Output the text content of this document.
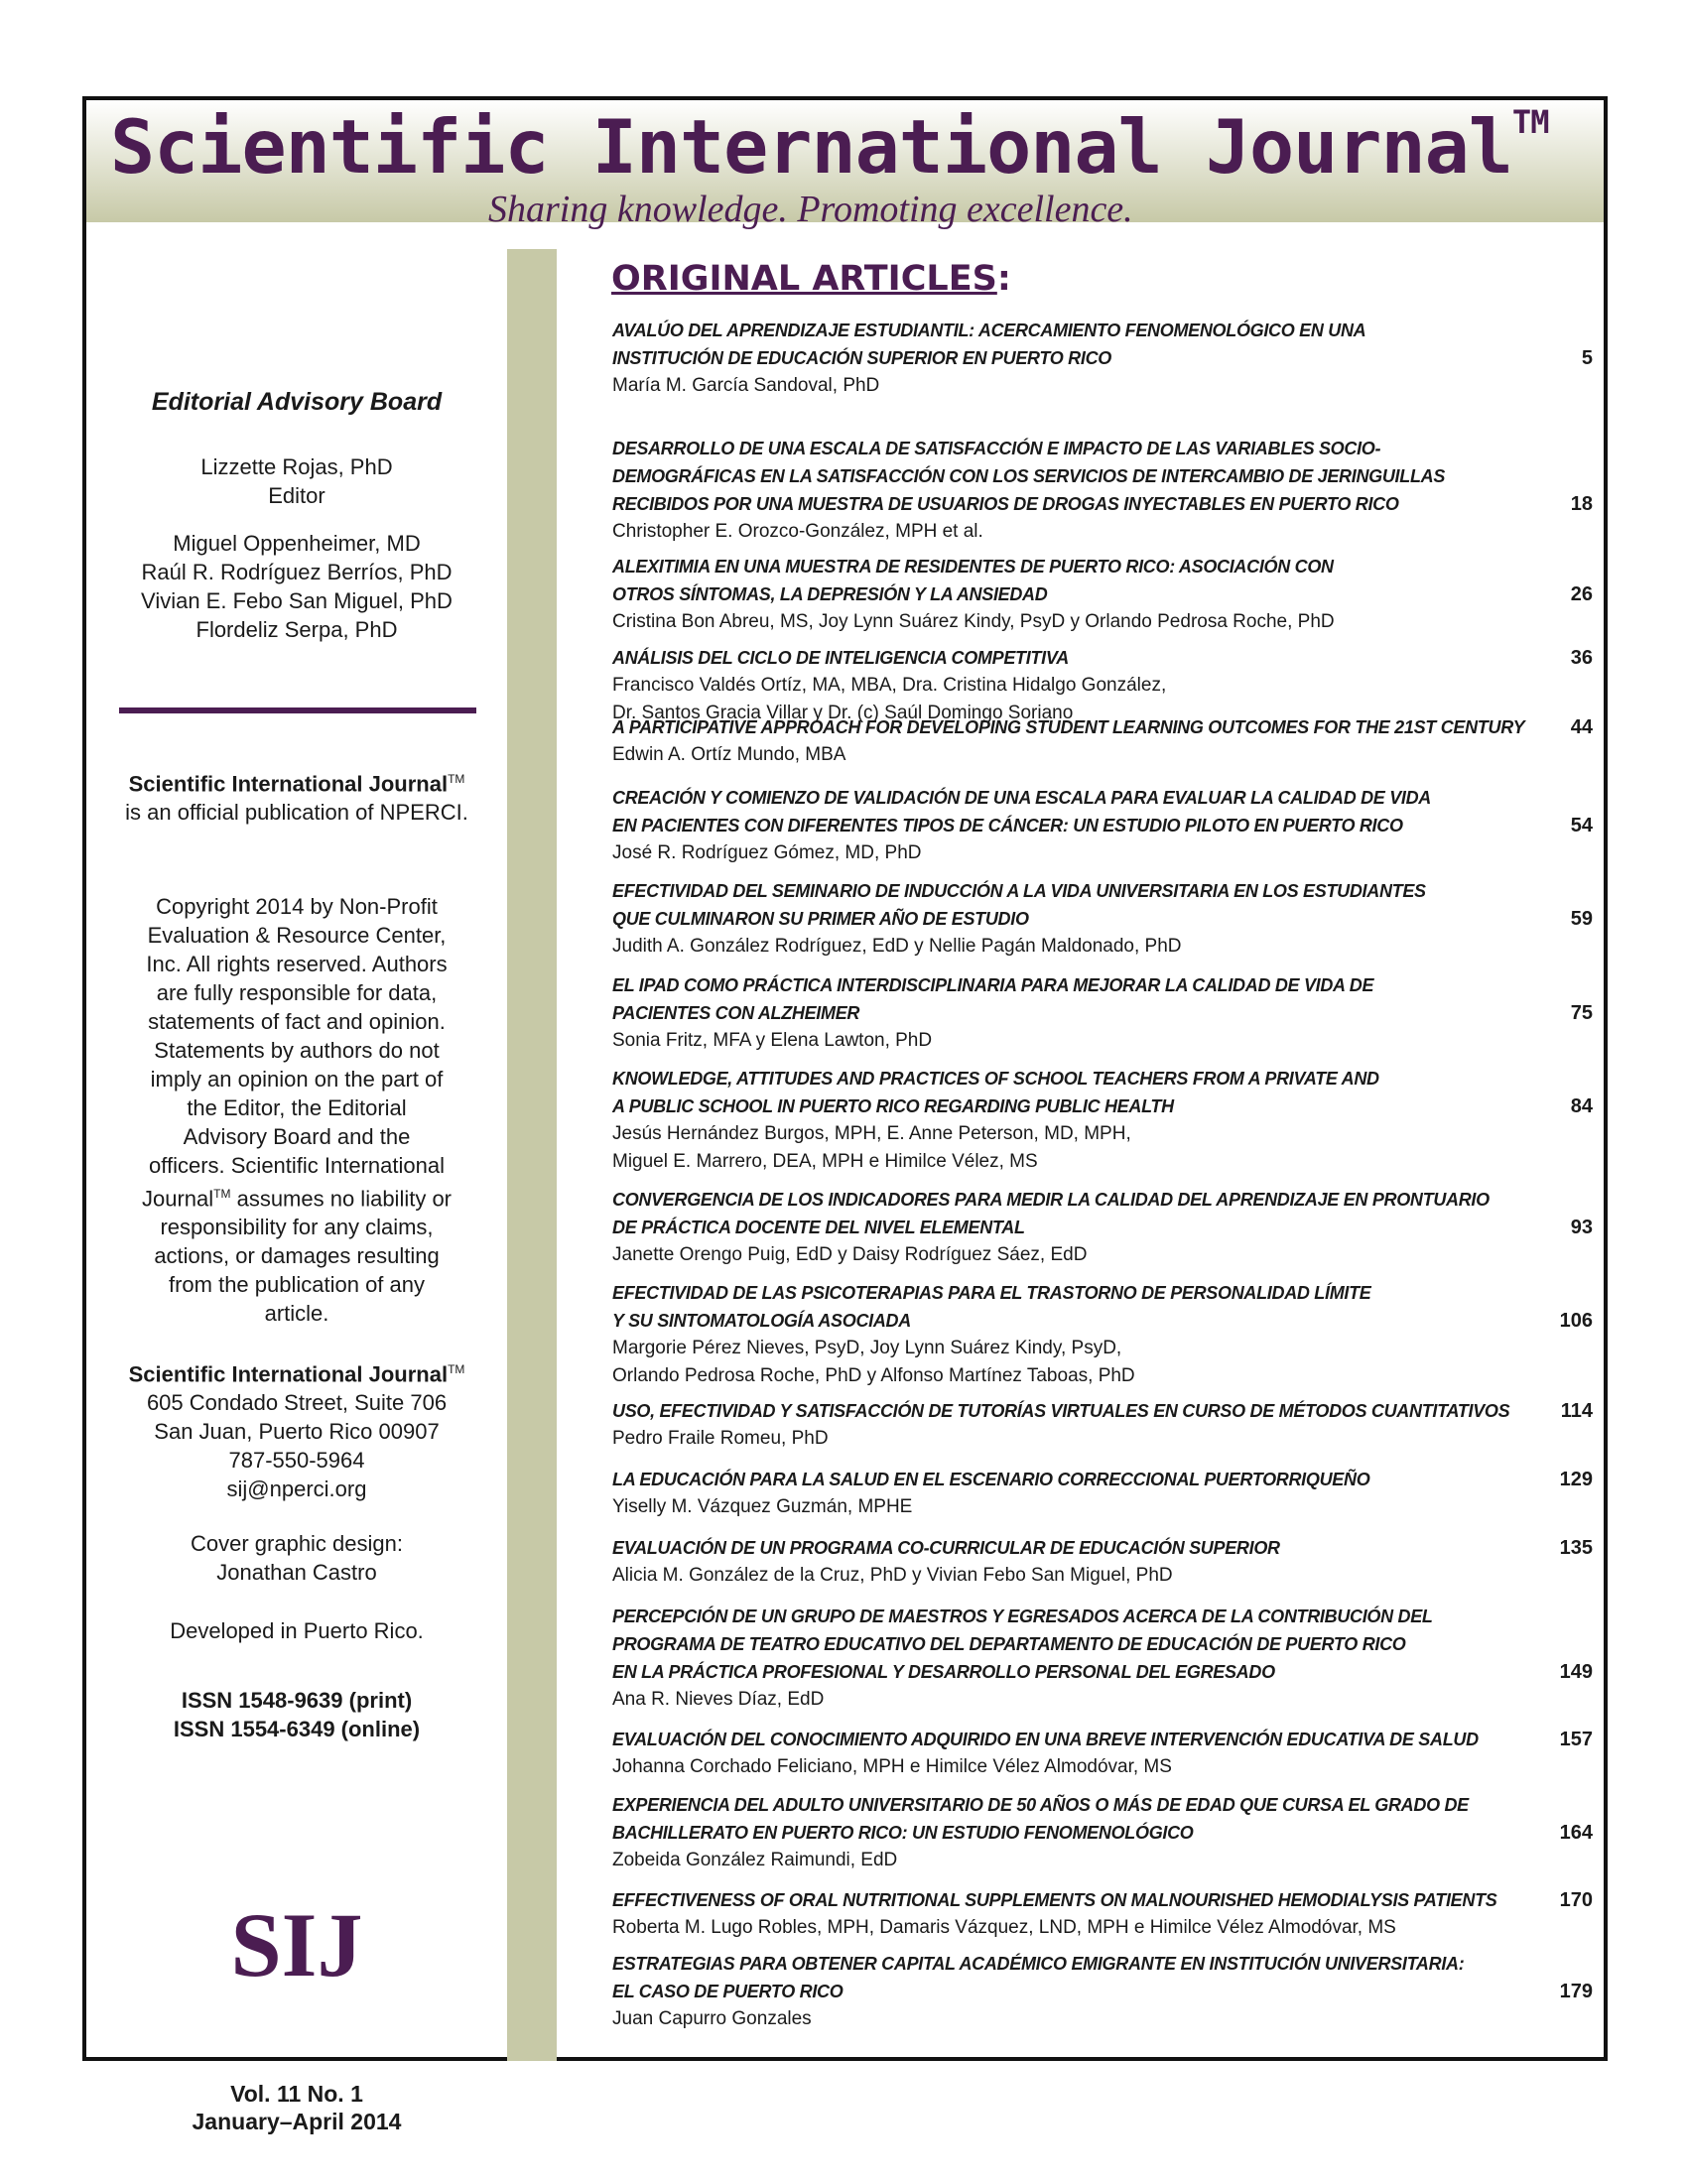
Scientific International Journal™
Sharing knowledge. Promoting excellence.
Editorial Advisory Board
Lizzette Rojas, PhD
Editor
Miguel Oppenheimer, MD
Raúl R. Rodríguez Berríos, PhD
Vivian E. Febo San Miguel, PhD
Flordeliz Serpa, PhD
Scientific International Journal™
is an official publication of NPERCI.
Copyright 2014 by Non-Profit
Evaluation & Resource Center,
Inc. All rights reserved. Authors
are fully responsible for data,
statements of fact and opinion.
Statements by authors do not
imply an opinion on the part of
the Editor, the Editorial
Advisory Board and the
officers. Scientific International
Journal™ assumes no liability or
responsibility for any claims,
actions, or damages resulting
from the publication of any
article.
Scientific International Journal™
605 Condado Street, Suite 706
San Juan, Puerto Rico 00907
787-550-5964
sij@nperci.org
Cover graphic design:
Jonathan Castro
Developed in Puerto Rico.
ISSN 1548-9639 (print)
ISSN 1554-6349 (online)
SIJ
Vol. 11 No. 1
January–April 2014
ORIGINAL ARTICLES:
AVALÚO DEL APRENDIZAJE ESTUDIANTIL: ACERCAMIENTO FENOMENOLÓGICO EN UNA
INSTITUCIÓN DE EDUCACIÓN SUPERIOR EN PUERTO RICO
María M. García Sandoval, PhD
5
DESARROLLO DE UNA ESCALA DE SATISFACCIÓN E IMPACTO DE LAS VARIABLES SOCIO-
DEMOGRÁFICAS EN LA SATISFACCIÓN CON LOS SERVICIOS DE INTERCAMBIO DE JERINGUILLAS
RECIBIDOS POR UNA MUESTRA DE USUARIOS DE DROGAS INYECTABLES EN PUERTO RICO
Christopher E. Orozco-González, MPH et al.
18
ALEXITIMIA EN UNA MUESTRA DE RESIDENTES DE PUERTO RICO: ASOCIACIÓN CON
OTROS SÍNTOMAS, LA DEPRESIÓN Y LA ANSIEDAD
Cristina Bon Abreu, MS, Joy Lynn Suárez Kindy, PsyD y Orlando Pedrosa Roche, PhD
26
ANÁLISIS DEL CICLO DE INTELIGENCIA COMPETITIVA
Francisco Valdés Ortíz, MA, MBA, Dra. Cristina Hidalgo González,
Dr. Santos Gracia Villar y Dr. (c) Saúl Domingo Soriano
36
A PARTICIPATIVE APPROACH FOR DEVELOPING STUDENT LEARNING OUTCOMES FOR THE 21ST CENTURY
Edwin A. Ortíz Mundo, MBA
44
CREACIÓN Y COMIENZO DE VALIDACIÓN DE UNA ESCALA PARA EVALUAR LA CALIDAD DE VIDA
EN PACIENTES CON DIFERENTES TIPOS DE CÁNCER: UN ESTUDIO PILOTO EN PUERTO RICO
José R. Rodríguez Gómez, MD, PhD
54
EFECTIVIDAD DEL SEMINARIO DE INDUCCIÓN A LA VIDA UNIVERSITARIA EN LOS ESTUDIANTES
QUE CULMINARON SU PRIMER AÑO DE ESTUDIO
Judith A. González Rodríguez, EdD y Nellie Pagán Maldonado, PhD
59
EL IPAD COMO PRÁCTICA INTERDISCIPLINARIA PARA MEJORAR LA CALIDAD DE VIDA DE
PACIENTES CON ALZHEIMER
Sonia Fritz, MFA y Elena Lawton, PhD
75
KNOWLEDGE, ATTITUDES AND PRACTICES OF SCHOOL TEACHERS FROM A PRIVATE AND
A PUBLIC SCHOOL IN PUERTO RICO REGARDING PUBLIC HEALTH
Jesús Hernández Burgos, MPH, E. Anne Peterson, MD, MPH,
Miguel E. Marrero, DEA, MPH e Himilce Vélez, MS
84
CONVERGENCIA DE LOS INDICADORES PARA MEDIR LA CALIDAD DEL APRENDIZAJE EN PRONTUARIO
DE PRÁCTICA DOCENTE DEL NIVEL ELEMENTAL
Janette Orengo Puig, EdD y Daisy Rodríguez Sáez, EdD
93
EFECTIVIDAD DE LAS PSICOTERAPIAS PARA EL TRASTORNO DE PERSONALIDAD LÍMITE
Y SU SINTOMATOLOGÍA ASOCIADA
Margorie Pérez Nieves, PsyD, Joy Lynn Suárez Kindy, PsyD,
Orlando Pedrosa Roche, PhD y Alfonso Martínez Taboas, PhD
106
USO, EFECTIVIDAD Y SATISFACCIÓN DE TUTORÍAS VIRTUALES EN CURSO DE MÉTODOS CUANTITATIVOS
Pedro Fraile Romeu, PhD
114
LA EDUCACIÓN PARA LA SALUD EN EL ESCENARIO CORRECCIONAL PUERTORRIQUEÑO
Yiselly M. Vázquez Guzmán, MPHE
129
EVALUACIÓN DE UN PROGRAMA CO-CURRICULAR DE EDUCACIÓN SUPERIOR
Alicia M. González de la Cruz, PhD y Vivian Febo San Miguel, PhD
135
PERCEPCIÓN DE UN GRUPO DE MAESTROS Y EGRESADOS ACERCA DE LA CONTRIBUCIÓN DEL
PROGRAMA DE TEATRO EDUCATIVO DEL DEPARTAMENTO DE EDUCACIÓN DE PUERTO RICO
EN LA PRÁCTICA PROFESIONAL Y DESARROLLO PERSONAL DEL EGRESADO
Ana R. Nieves Díaz, EdD
149
EVALUACIÓN DEL CONOCIMIENTO ADQUIRIDO EN UNA BREVE INTERVENCIÓN EDUCATIVA DE SALUD
Johanna Corchado Feliciano, MPH e Himilce Vélez Almodóvar, MS
157
EXPERIENCIA DEL ADULTO UNIVERSITARIO DE 50 AÑOS O MÁS DE EDAD QUE CURSA EL GRADO DE
BACHILLERATO EN PUERTO RICO: UN ESTUDIO FENOMENOLÓGICO
Zobeida González Raimundi, EdD
164
EFFECTIVENESS OF ORAL NUTRITIONAL SUPPLEMENTS ON MALNOURISHED HEMODIALYSIS PATIENTS
Roberta M. Lugo Robles, MPH, Damaris Vázquez, LND, MPH e Himilce Vélez Almodóvar, MS
170
ESTRATEGIAS PARA OBTENER CAPITAL ACADÉMICO EMIGRANTE EN INSTITUCIÓN UNIVERSITARIA:
EL CASO DE PUERTO RICO
Juan Capurro Gonzales
179
